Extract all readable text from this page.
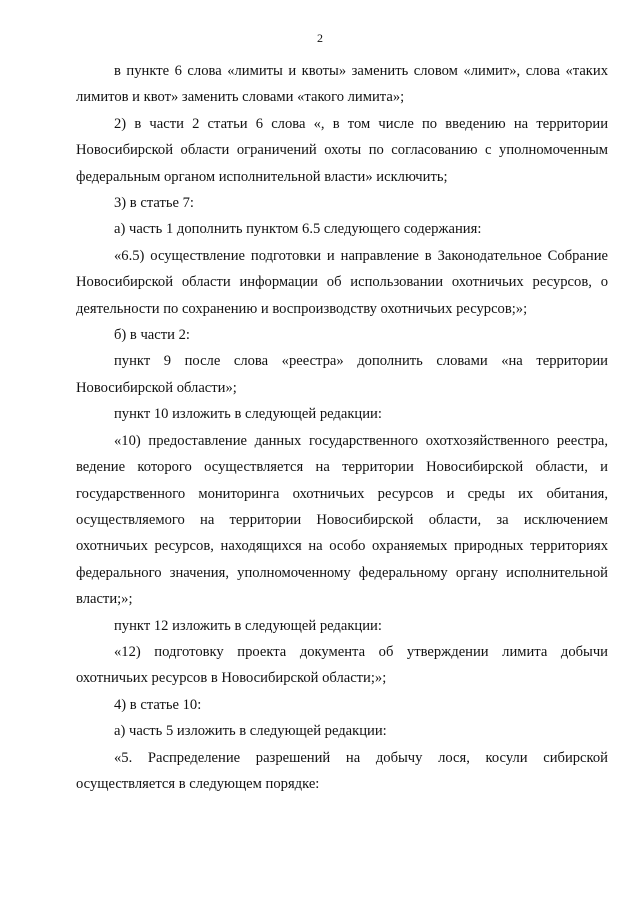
2

в пункте 6 слова «лимиты и квоты» заменить словом «лимит», слова «таких лимитов и квот» заменить словами «такого лимита»;

2) в части 2 статьи 6 слова «, в том числе по введению на территории Новосибирской области ограничений охоты по согласованию с уполномоченным федеральным органом исполнительной власти» исключить;

3) в статье 7:

а) часть 1 дополнить пунктом 6.5 следующего содержания:

«6.5) осуществление подготовки и направление в Законодательное Собрание Новосибирской области информации об использовании охотничьих ресурсов, о деятельности по сохранению и воспроизводству охотничьих ресурсов;»;

б) в части 2:

пункт 9 после слова «реестра» дополнить словами «на территории Новосибирской области»;

пункт 10 изложить в следующей редакции:

«10) предоставление данных государственного охотхозяйственного реестра, ведение которого осуществляется на территории Новосибирской области, и государственного мониторинга охотничьих ресурсов и среды их обитания, осуществляемого на территории Новосибирской области, за исключением охотничьих ресурсов, находящихся на особо охраняемых природных территориях федерального значения, уполномоченному федеральному органу исполнительной власти;»;

пункт 12 изложить в следующей редакции:

«12) подготовку проекта документа об утверждении лимита добычи охотничьих ресурсов в Новосибирской области;»;

4) в статье 10:

а) часть 5 изложить в следующей редакции:

«5. Распределение разрешений на добычу лося, косули сибирской осуществляется в следующем порядке:
